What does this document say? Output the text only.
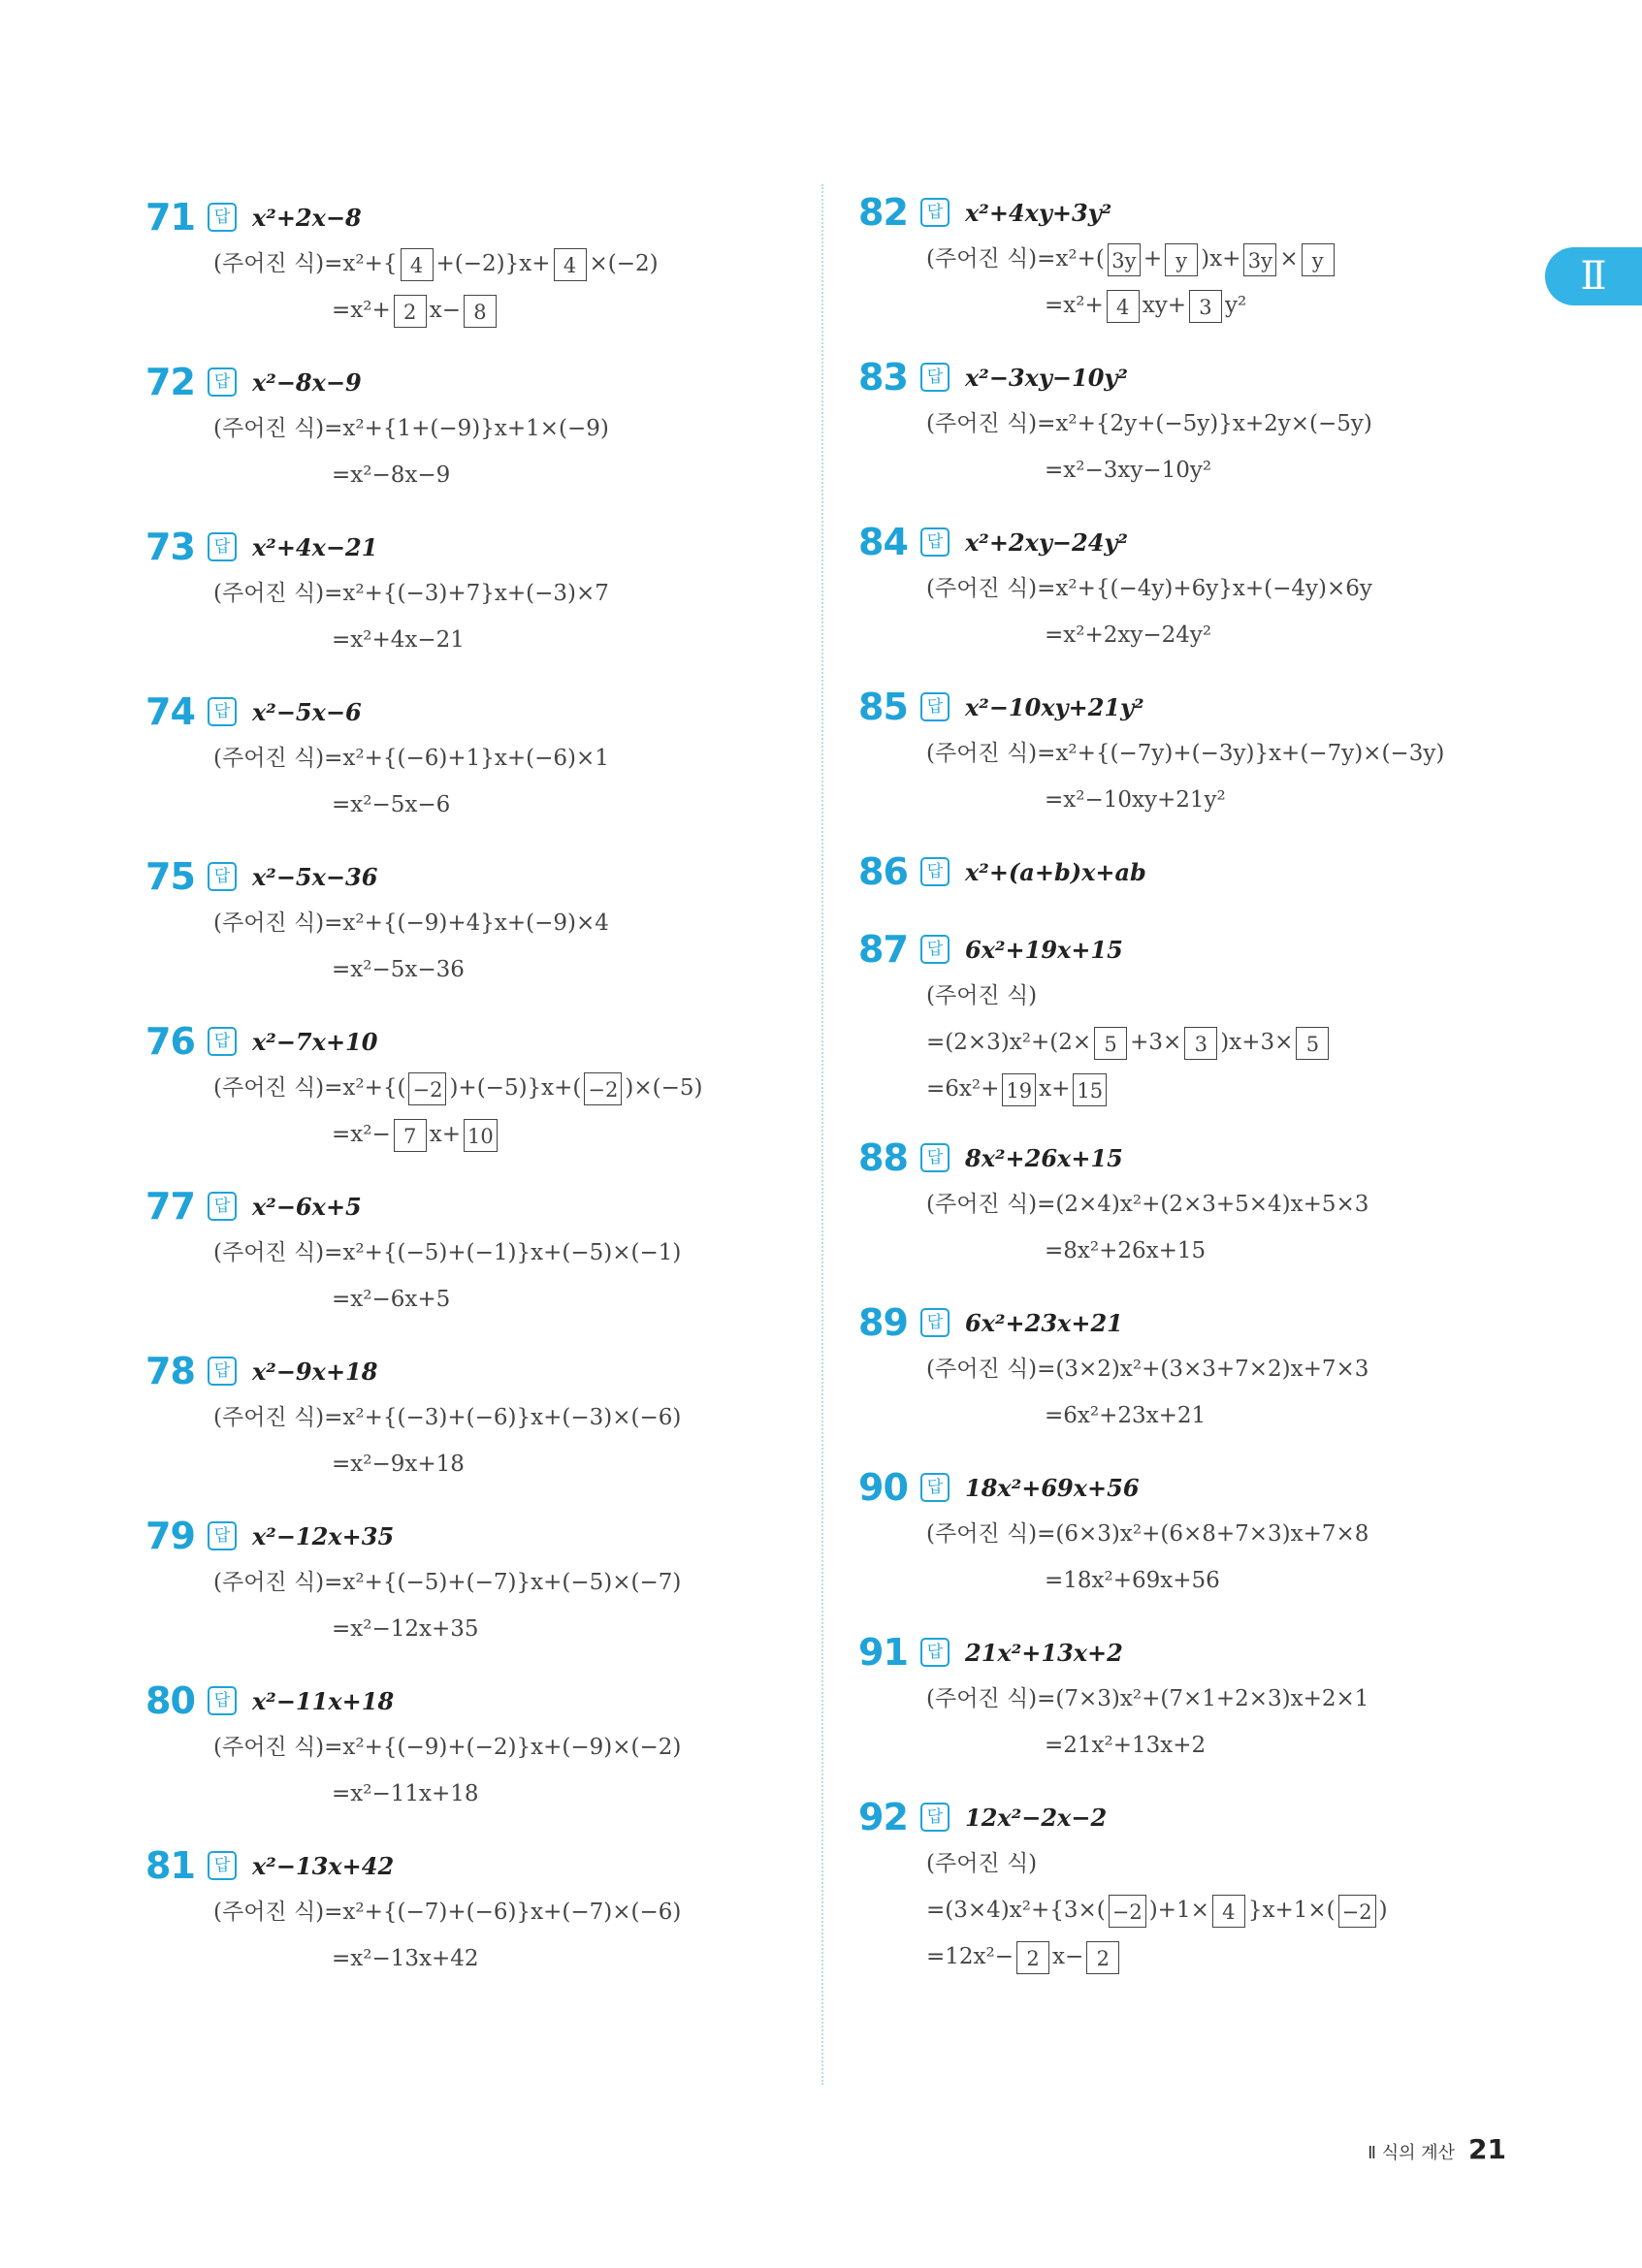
Ⅱ
71	답 x²+2x−8
(주어진 식)=x²+{ 4 +(−2)}x+ 4 ×(−2)
=x²+ 2 x− 8
72	답 x²−8x−9
(주어진 식)=x²+{1+(−9)}x+1×(−9)
=x²−8x−9
73	답 x²+4x−21
(주어진 식)=x²+{(−3)+7}x+(−3)×7
=x²+4x−21
74	답 x²−5x−6
(주어진 식)=x²+{(−6)+1}x+(−6)×1
=x²−5x−6
75	답 x²−5x−36
(주어진 식)=x²+{(−9)+4}x+(−9)×4
=x²−5x−36
76	답 x²−7x+10
(주어진 식)=x²+{( −2 )+(−5)}x+( −2 )×(−5)
=x²− 7 x+ 10
77	답 x²−6x+5
(주어진 식)=x²+{(−5)+(−1)}x+(−5)×(−1)
=x²−6x+5
78	답 x²−9x+18
(주어진 식)=x²+{(−3)+(−6)}x+(−3)×(−6)
=x²−9x+18
79	답 x²−12x+35
(주어진 식)=x²+{(−5)+(−7)}x+(−5)×(−7)
=x²−12x+35
80	답 x²−11x+18
(주어진 식)=x²+{(−9)+(−2)}x+(−9)×(−2)
=x²−11x+18
81	답 x²−13x+42
(주어진 식)=x²+{(−7)+(−6)}x+(−7)×(−6)
=x²−13x+42
82	답 x²+4xy+3y²
(주어진 식)=x²+( 3y + y )x+ 3y × y
=x²+ 4 xy+ 3 y²
83	답 x²−3xy−10y²
(주어진 식)=x²+{2y+(−5y)}x+2y×(−5y)
=x²−3xy−10y²
84	답 x²+2xy−24y²
(주어진 식)=x²+{(−4y)+6y}x+(−4y)×6y
=x²+2xy−24y²
85	답 x²−10xy+21y²
(주어진 식)=x²+{(−7y)+(−3y)}x+(−7y)×(−3y)
=x²−10xy+21y²
86	답 x²+(a+b)x+ab
87	답 6x²+19x+15
(주어진 식)
=(2×3)x²+(2× 5 +3× 3 )x+3× 5
=6x²+ 19 x+ 15
88	답 8x²+26x+15
(주어진 식)=(2×4)x²+(2×3+5×4)x+5×3
=8x²+26x+15
89	답 6x²+23x+21
(주어진 식)=(3×2)x²+(3×3+7×2)x+7×3
=6x²+23x+21
90	답 18x²+69x+56
(주어진 식)=(6×3)x²+(6×8+7×3)x+7×8
=18x²+69x+56
91	답 21x²+13x+2
(주어진 식)=(7×3)x²+(7×1+2×3)x+2×1
=21x²+13x+2
92	답 12x²−2x−2
(주어진 식)
=(3×4)x²+{3×( −2 )+1× 4 }x+1×( −2 )
=12x²− 2 x− 2
Ⅱ 식의 계산 21
